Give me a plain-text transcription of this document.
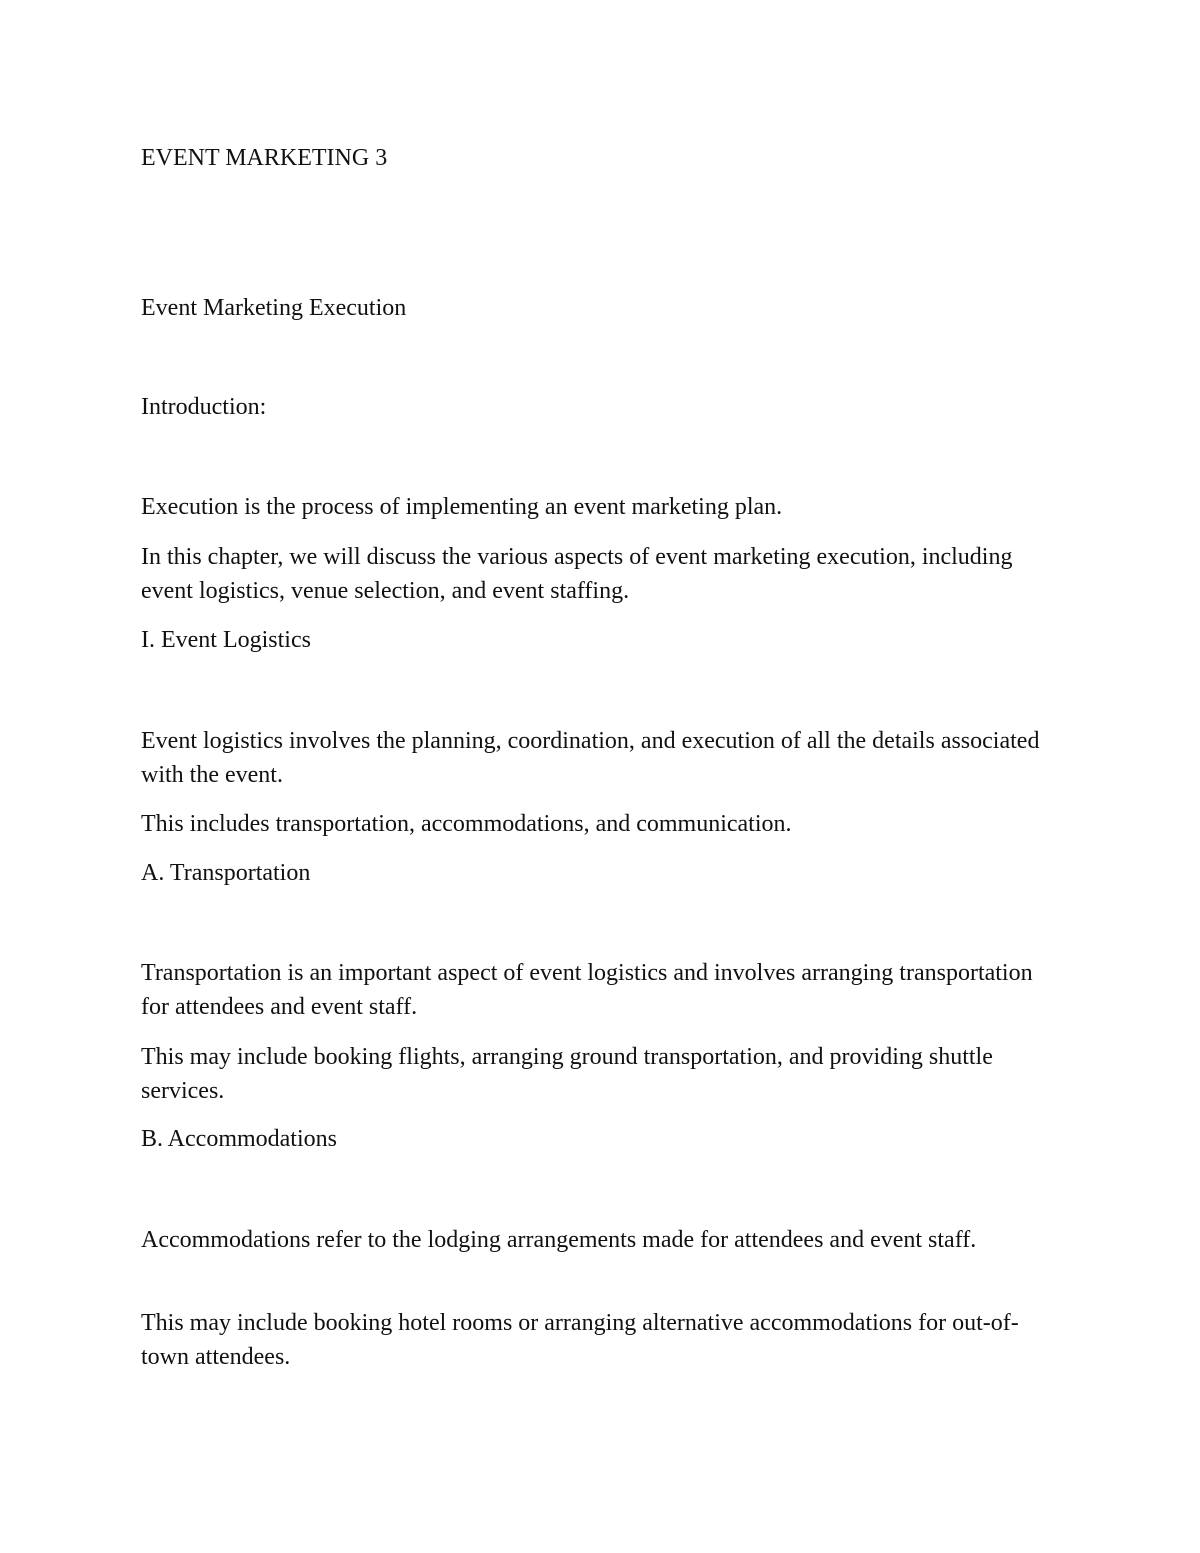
EVENT MARKETING 3

Event Marketing Execution

Introduction:

Execution is the process of implementing an event marketing plan.

In this chapter, we will discuss the various aspects of event marketing execution, including event logistics, venue selection, and event staffing.

I. Event Logistics

Event logistics involves the planning, coordination, and execution of all the details associated with the event.

This includes transportation, accommodations, and communication.

A. Transportation

Transportation is an important aspect of event logistics and involves arranging transportation for attendees and event staff.

This may include booking flights, arranging ground transportation, and providing shuttle services.

B. Accommodations

Accommodations refer to the lodging arrangements made for attendees and event staff.

This may include booking hotel rooms or arranging alternative accommodations for out-of-town attendees.
